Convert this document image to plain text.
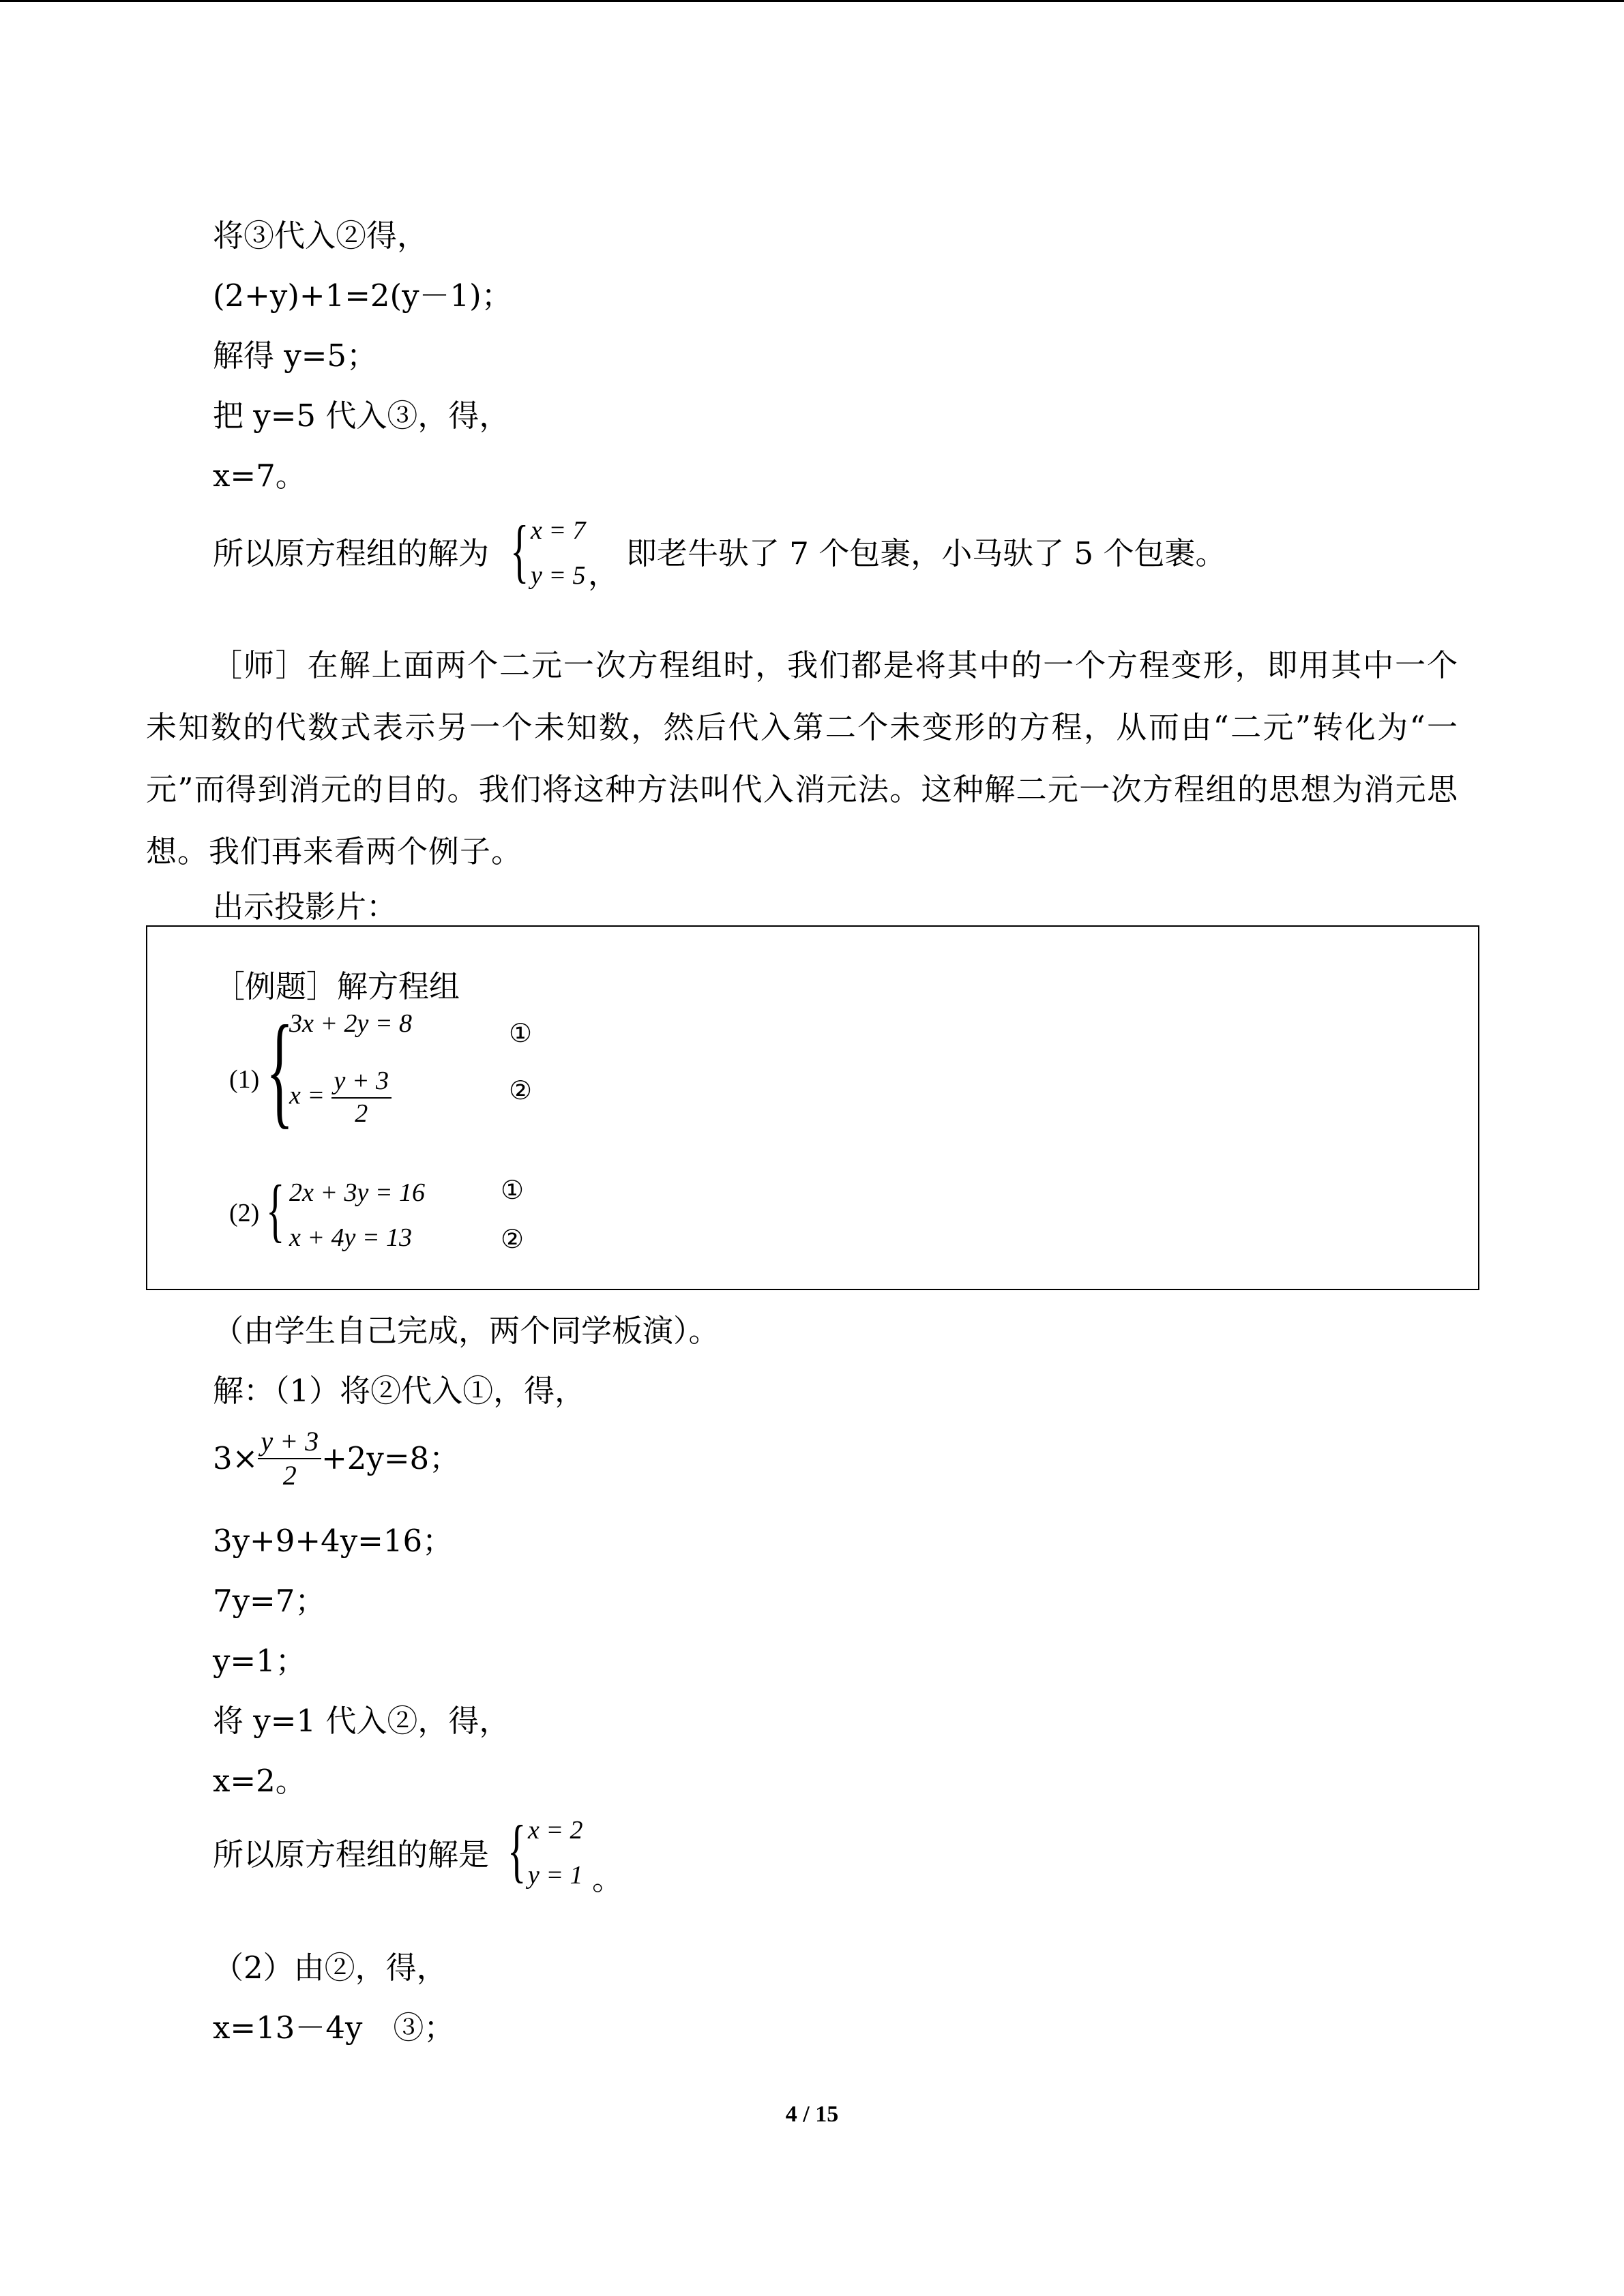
将③代入②得，
(2+y)+1=2(y－1)；
解得 y=5；
把 y=5 代入③，得，
x=7。
所以原方程组的解为 { x = 7
y = 5 ，
即老牛驮了 7 个包裹，小马驮了 5 个包裹。
［师］在解上面两个二元一次方程组时，我们都是将其中的一个方程变形，即用其中一个未知数的代数式表示另一个未知数，然后代入第二个未变形的方程，从而由“二元”转化为“一元”而得到消元的目的。我们将这种方法叫代入消元法。这种解二元一次方程组的思想为消元思想。我们再来看两个例子。
出示投影片：
［例题］解方程组
(1) {
3x + 2y = 8
$x = \frac{y + 3}{2}$
①
②
(2) { 2x + 3y = 16
x + 4y = 13
①
②
（由学生自己完成，两个同学板演）。
解：（1）将②代入①，得，
$3\times \frac{y + 3}{2} +2y=8$；
3y+9+4y=16；
7y=7；
y=1；
将 y=1 代入②，得，
x=2。
所以原方程组的解是 { x = 2
y = 1 。
（2）由②，得，
x=13－4y　③；
4 / 15
